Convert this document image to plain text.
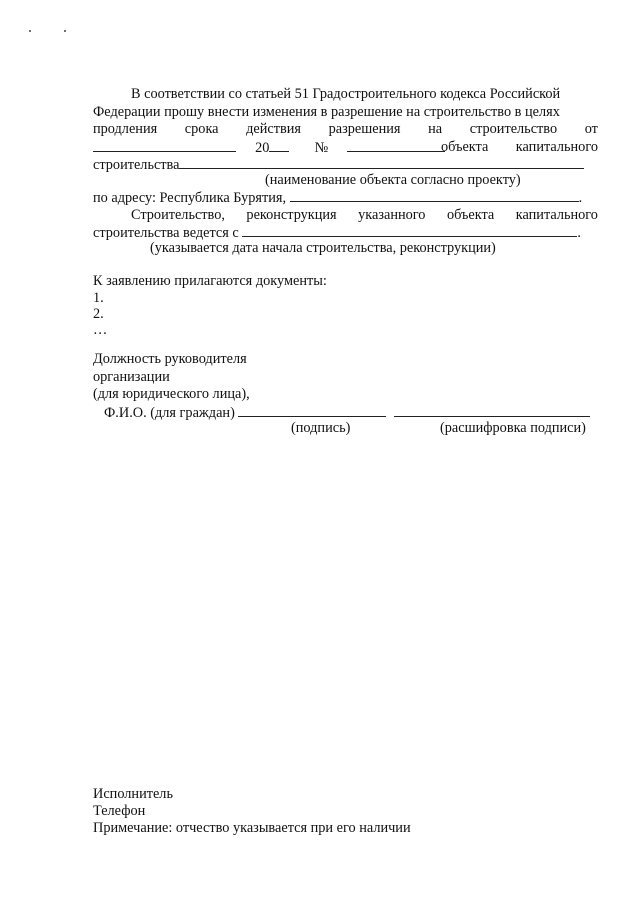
В соответствии со статьей 51 Градостроительного кодекса Российской
Федерации прошу внести изменения в разрешение на строительство в целях
продления срока действия разрешения на строительство от
20	№	объекта капитального
строительства
(наименование объекта согласно проекту)
по адресу: Республика Бурятия,	.
Строительство, реконструкция указанного объекта капитального
строительства ведется с	.
(указывается дата начала строительства, реконструкции)
К заявлению прилагаются документы:
1.
2.
…
Должность руководителя
организации
(для юридического лица),
Ф.И.О. (для граждан)
(подпись)	(расшифровка подписи)
Исполнитель
Телефон
Примечание: отчество указывается при его наличии
